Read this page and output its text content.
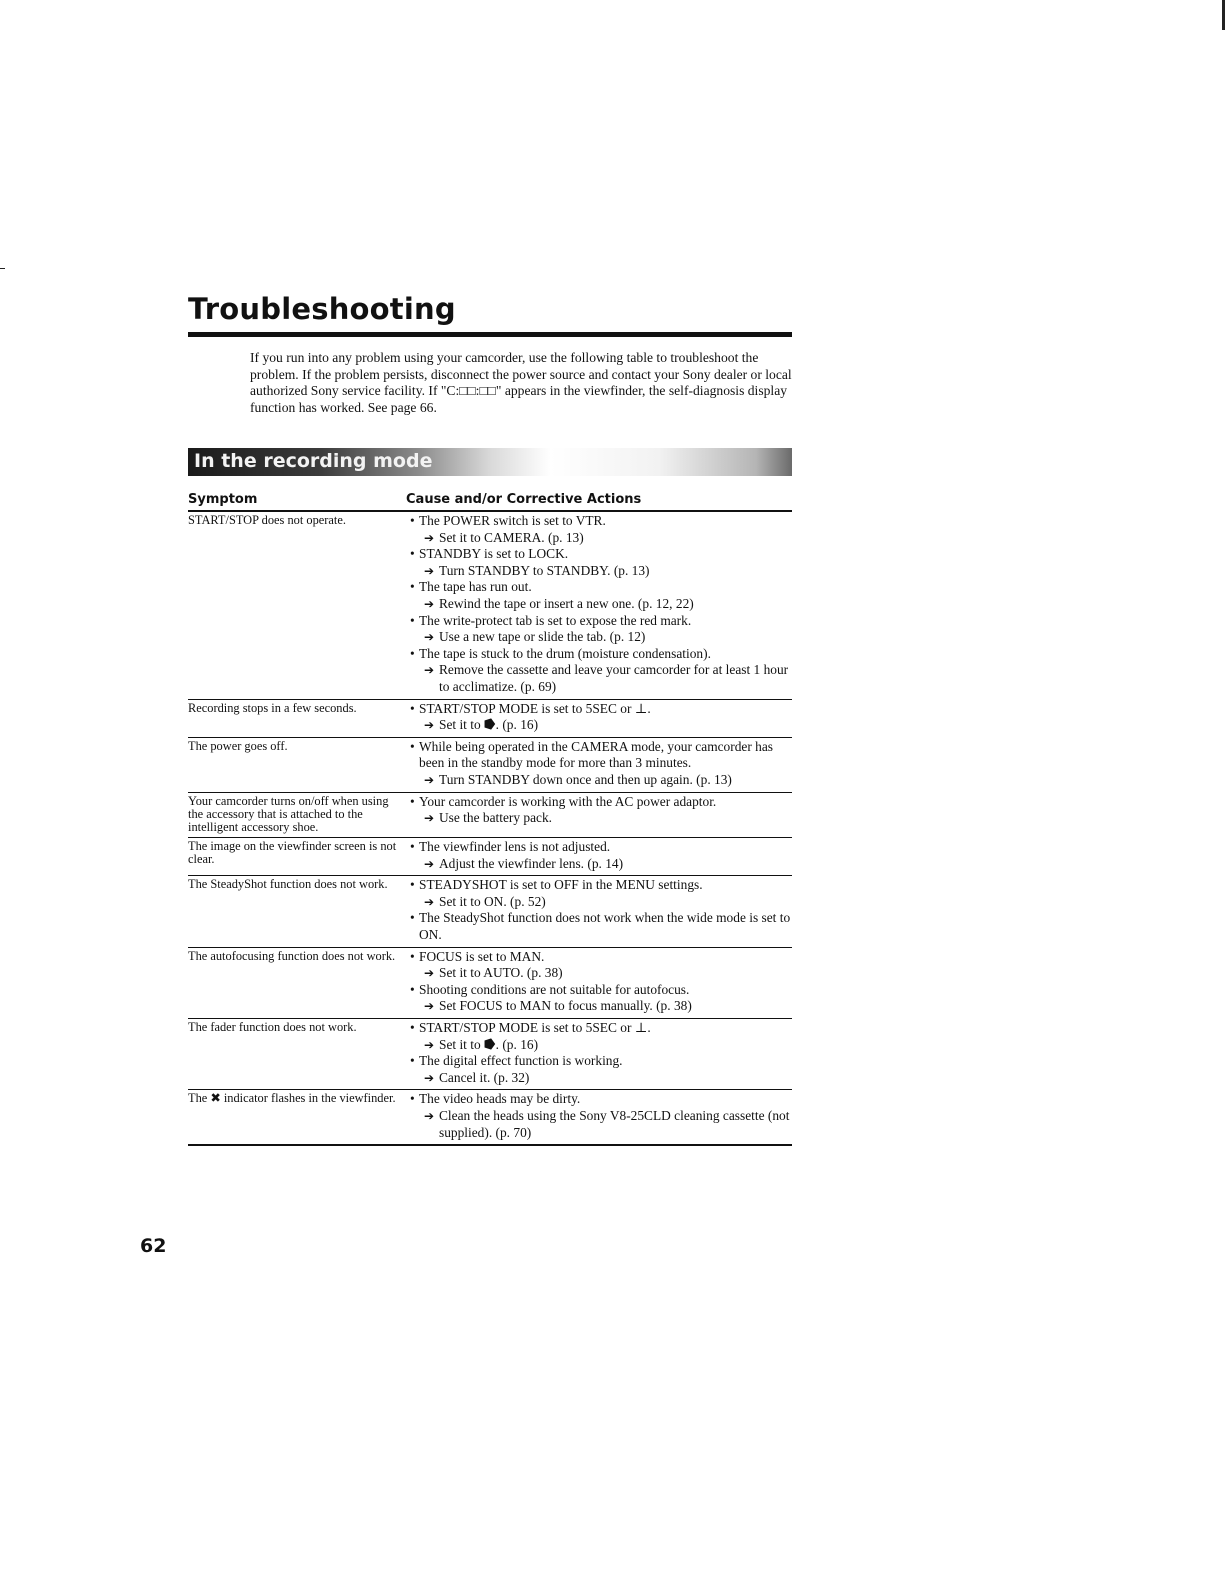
Troubleshooting
If you run into any problem using your camcorder, use the following table to troubleshoot the problem. If the problem persists, disconnect the power source and contact your Sony dealer or local authorized Sony service facility. If "C:□□:□□" appears in the viewfinder, the self-diagnosis display function has worked. See page 66.
In the recording mode
Symptom	Cause and/or Corrective Actions
START/STOP does not operate.	• The POWER switch is set to VTR.
➔ Set it to CAMERA. (p. 13)
• STANDBY is set to LOCK.
➔ Turn STANDBY to STANDBY. (p. 13)
• The tape has run out.
➔ Rewind the tape or insert a new one. (p. 12, 22)
• The write-protect tab is set to expose the red mark.
➔ Use a new tape or slide the tab. (p. 12)
• The tape is stuck to the drum (moisture condensation).
➔ Remove the cassette and leave your camcorder for at least 1 hour to acclimatize. (p. 69)
Recording stops in a few seconds.	• START/STOP MODE is set to 5SEC or ⊥.
➔ Set it to ⭓. (p. 16)
The power goes off.	• While being operated in the CAMERA mode, your camcorder has been in the standby mode for more than 3 minutes.
➔ Turn STANDBY down once and then up again. (p. 13)
Your camcorder turns on/off when using the accessory that is attached to the intelligent accessory shoe.
• Your camcorder is working with the AC power adaptor.
➔ Use the battery pack.
The image on the viewfinder screen is not clear.
• The viewfinder lens is not adjusted.
➔ Adjust the viewfinder lens. (p. 14)
The SteadyShot function does not work.	• STEADYSHOT is set to OFF in the MENU settings.
➔ Set it to ON. (p. 52)
• The SteadyShot function does not work when the wide mode is set to ON.
The autofocusing function does not work.	• FOCUS is set to MAN.
➔ Set it to AUTO. (p. 38)
• Shooting conditions are not suitable for autofocus.
➔ Set FOCUS to MAN to focus manually. (p. 38)
The fader function does not work.	• START/STOP MODE is set to 5SEC or ⊥.
➔ Set it to ⭓. (p. 16)
• The digital effect function is working.
➔ Cancel it. (p. 32)
The ✖ indicator flashes in the viewfinder.	• The video heads may be dirty.
➔ Clean the heads using the Sony V8-25CLD cleaning cassette (not supplied). (p. 70)
62
